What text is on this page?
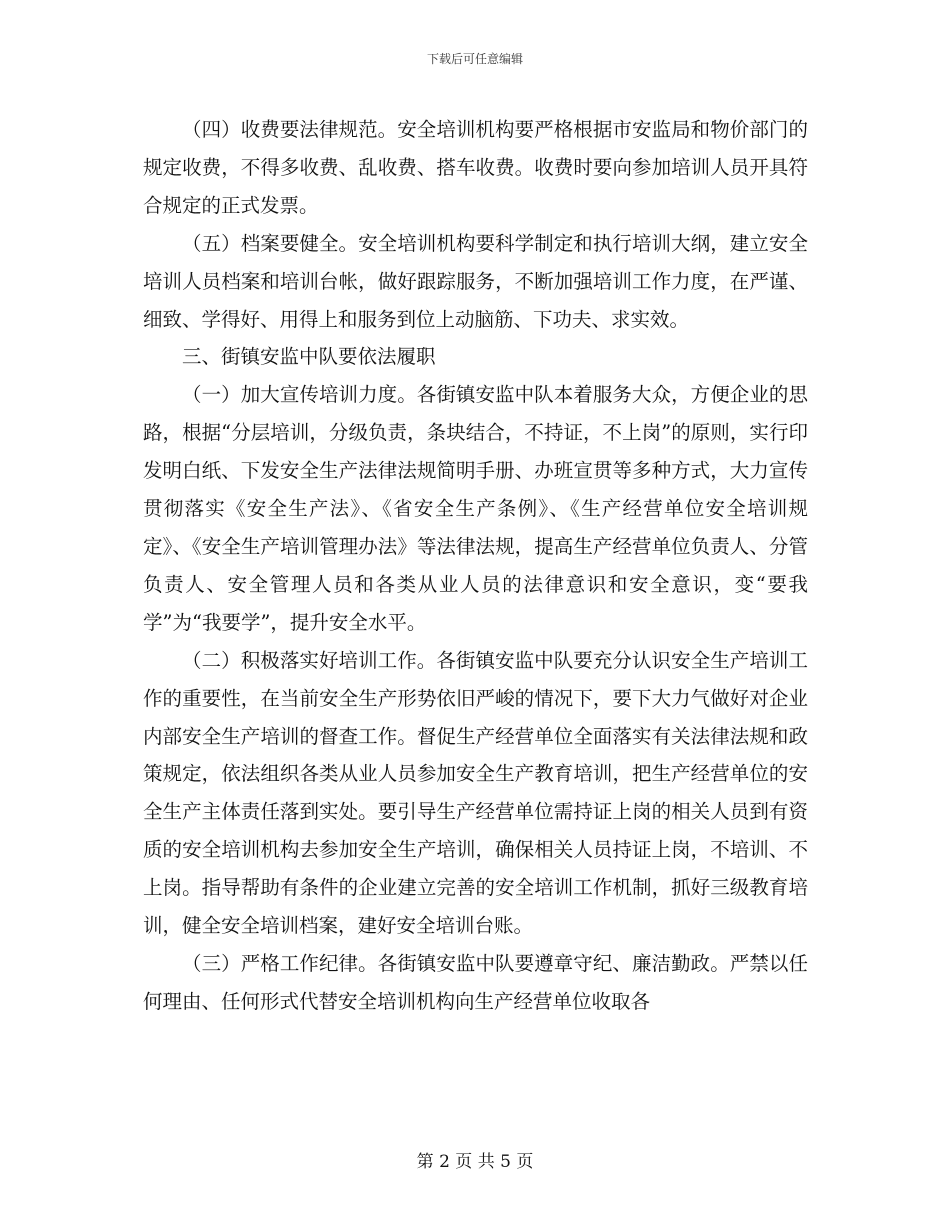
下载后可任意编辑

（四）收费要法律规范。安全培训机构要严格根据市安监局和物价部门的规定收费，不得多收费、乱收费、搭车收费。收费时要向参加培训人员开具符合规定的正式发票。

（五）档案要健全。安全培训机构要科学制定和执行培训大纲，建立安全培训人员档案和培训台帐，做好跟踪服务，不断加强培训工作力度，在严谨、细致、学得好、用得上和服务到位上动脑筋、下功夫、求实效。

三、街镇安监中队要依法履职

（一）加大宣传培训力度。各街镇安监中队本着服务大众，方便企业的思路，根据“分层培训，分级负责，条块结合，不持证，不上岗”的原则，实行印发明白纸、下发安全生产法律法规简明手册、办班宣贯等多种方式，大力宣传贯彻落实《安全生产法》、《省安全生产条例》、《生产经营单位安全培训规定》、《安全生产培训管理办法》等法律法规，提高生产经营单位负责人、分管负责人、安全管理人员和各类从业人员的法律意识和安全意识，变“要我学”为“我要学”，提升安全水平。

（二）积极落实好培训工作。各街镇安监中队要充分认识安全生产培训工作的重要性，在当前安全生产形势依旧严峻的情况下，要下大力气做好对企业内部安全生产培训的督查工作。督促生产经营单位全面落实有关法律法规和政策规定，依法组织各类从业人员参加安全生产教育培训，把生产经营单位的安全生产主体责任落到实处。要引导生产经营单位需持证上岗的相关人员到有资质的安全培训机构去参加安全生产培训，确保相关人员持证上岗，不培训、不上岗。指导帮助有条件的企业建立完善的安全培训工作机制，抓好三级教育培训，健全安全培训档案，建好安全培训台账。

（三）严格工作纪律。各街镇安监中队要遵章守纪、廉洁勤政。严禁以任何理由、任何形式代替安全培训机构向生产经营单位收取各

第 2 页 共 5 页
